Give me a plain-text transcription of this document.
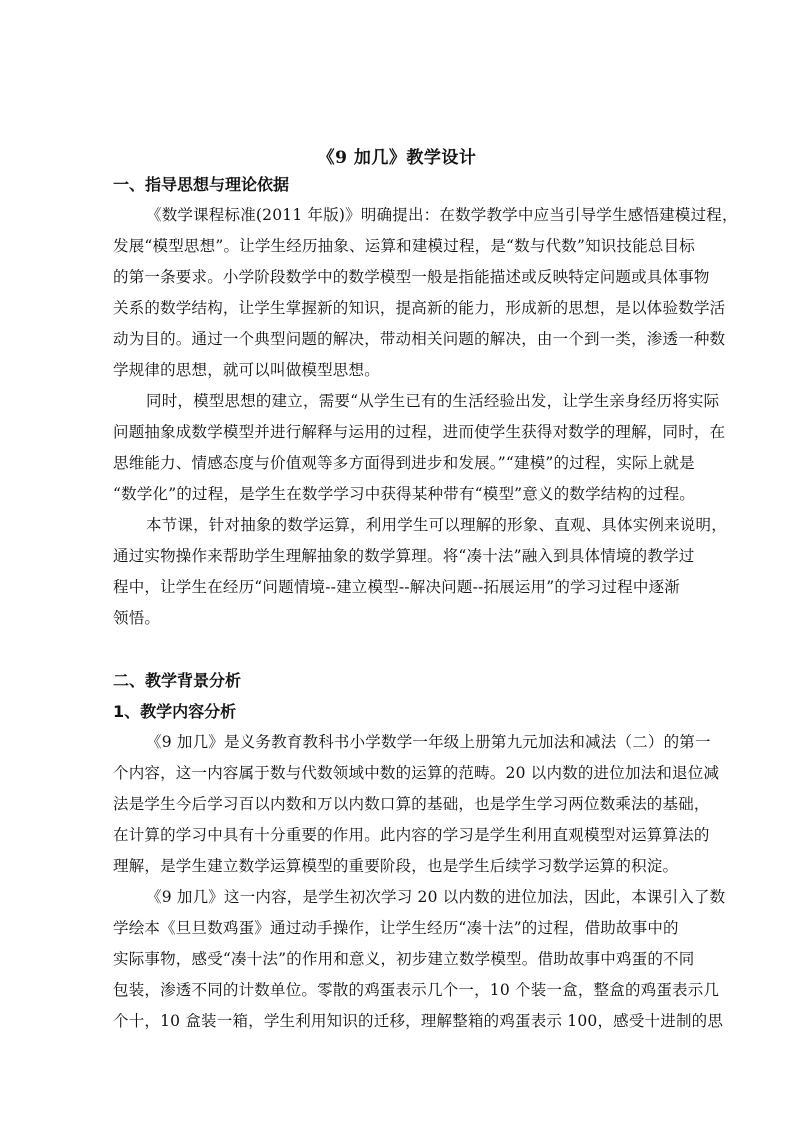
《9 加几》教学设计
一、指导思想与理论依据
《数学课程标准(2011 年版)》明确提出：在数学教学中应当引导学生感悟建模过程，
发展“模型思想”。让学生经历抽象、运算和建模过程，是“数与代数”知识技能总目标
的第一条要求。小学阶段数学中的数学模型一般是指能描述或反映特定问题或具体事物
关系的数学结构，让学生掌握新的知识，提高新的能力，形成新的思想，是以体验数学活
动为目的。通过一个典型问题的解决，带动相关问题的解决，由一个到一类，渗透一种数
学规律的思想，就可以叫做模型思想。
同时，模型思想的建立，需要“从学生已有的生活经验出发，让学生亲身经历将实际
问题抽象成数学模型并进行解释与运用的过程，进而使学生获得对数学的理解，同时，在
思维能力、情感态度与价值观等多方面得到进步和发展。”“建模”的过程，实际上就是
“数学化”的过程，是学生在数学学习中获得某种带有“模型”意义的数学结构的过程。
本节课，针对抽象的数学运算，利用学生可以理解的形象、直观、具体实例来说明，
通过实物操作来帮助学生理解抽象的数学算理。将“凑十法”融入到具体情境的教学过
程中，让学生在经历“问题情境--建立模型--解决问题--拓展运用”的学习过程中逐渐
领悟。
二、教学背景分析
1、教学内容分析
《9 加几》是义务教育教科书小学数学一年级上册第九元加法和减法（二）的第一
个内容，这一内容属于数与代数领域中数的运算的范畴。20 以内数的进位加法和退位减
法是学生今后学习百以内数和万以内数口算的基础，也是学生学习两位数乘法的基础，
在计算的学习中具有十分重要的作用。此内容的学习是学生利用直观模型对运算算法的
理解，是学生建立数学运算模型的重要阶段，也是学生后续学习数学运算的积淀。
《9 加几》这一内容，是学生初次学习 20 以内数的进位加法，因此，本课引入了数
学绘本《旦旦数鸡蛋》通过动手操作，让学生经历“凑十法”的过程，借助故事中的
实际事物，感受“凑十法”的作用和意义，初步建立数学模型。借助故事中鸡蛋的不同
包装，渗透不同的计数单位。零散的鸡蛋表示几个一，10 个装一盒，整盒的鸡蛋表示几
个十，10 盒装一箱，学生利用知识的迁移，理解整箱的鸡蛋表示 100，感受十进制的思
